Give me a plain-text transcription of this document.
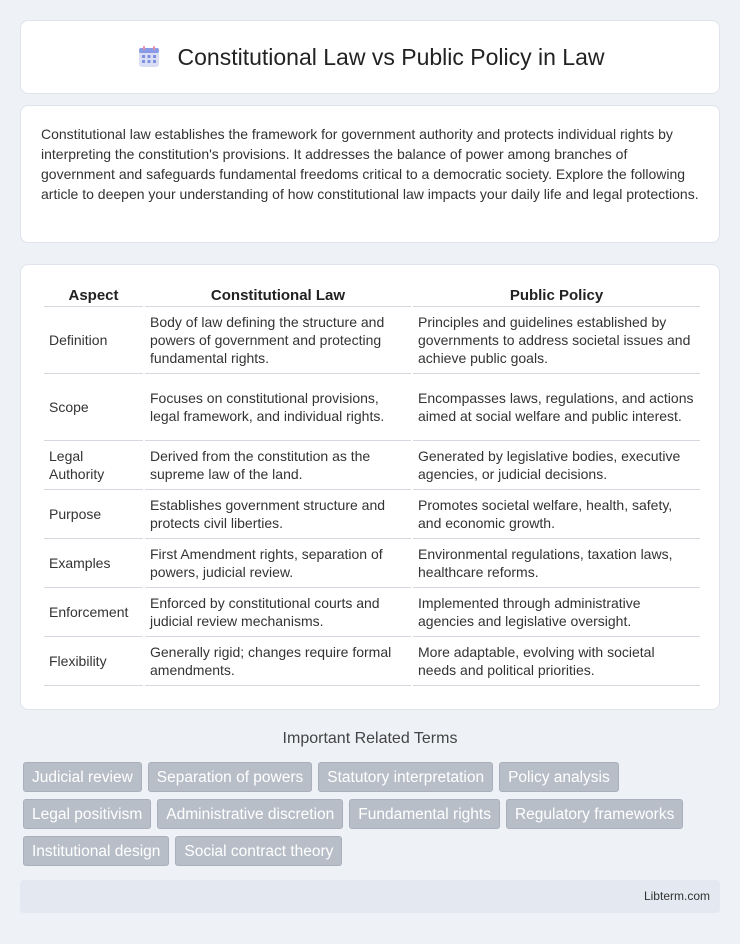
Constitutional Law vs Public Policy in Law

Constitutional law establishes the framework for government authority and protects individual rights by interpreting the constitution's provisions. It addresses the balance of power among branches of government and safeguards fundamental freedoms critical to a democratic society. Explore the following article to deepen your understanding of how constitutional law impacts your daily life and legal protections.

Aspect	Constitutional Law	Public Policy
Definition	Body of law defining the structure and powers of government and protecting fundamental rights.	Principles and guidelines established by governments to address societal issues and achieve public goals.
Scope	Focuses on constitutional provisions, legal framework, and individual rights.	Encompasses laws, regulations, and actions aimed at social welfare and public interest.
Legal Authority	Derived from the constitution as the supreme law of the land.	Generated by legislative bodies, executive agencies, or judicial decisions.
Purpose	Establishes government structure and protects civil liberties.	Promotes societal welfare, health, safety, and economic growth.
Examples	First Amendment rights, separation of powers, judicial review.	Environmental regulations, taxation laws, healthcare reforms.
Enforcement	Enforced by constitutional courts and judicial review mechanisms.	Implemented through administrative agencies and legislative oversight.
Flexibility	Generally rigid; changes require formal amendments.	More adaptable, evolving with societal needs and political priorities.
Important Related Terms
Judicial review	Separation of powers	Statutory interpretation	Policy analysis
Legal positivism	Administrative discretion	Fundamental rights	Regulatory frameworks
Institutional design	Social contract theory
Libterm.com
